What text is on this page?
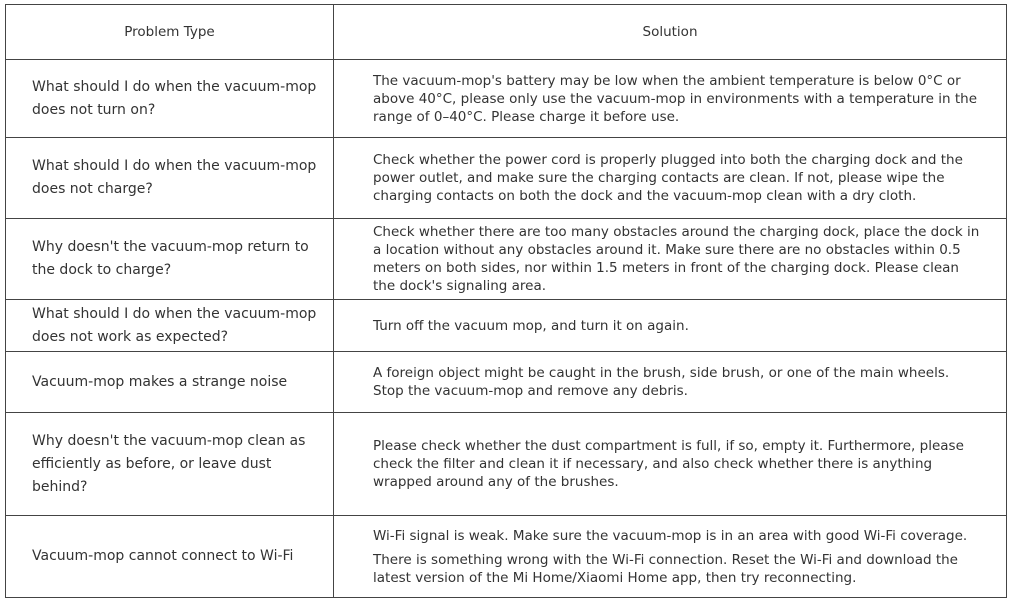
Problem Type	Solution
What should I do when the vacuum-mop does not turn on?	The vacuum-mop's battery may be low when the ambient temperature is below 0°C or above 40°C, please only use the vacuum-mop in environments with a temperature in the range of 0–40°C. Please charge it before use.

What should I do when the vacuum-mop does not charge?	Check whether the power cord is properly plugged into both the charging dock and the power outlet, and make sure the charging contacts are clean. If not, please wipe the charging contacts on both the dock and the vacuum-mop clean with a dry cloth.

Why doesn't the vacuum-mop return to the dock to charge?	Check whether there are too many obstacles around the charging dock, place the dock in a location without any obstacles around it. Make sure there are no obstacles within 0.5 meters on both sides, nor within 1.5 meters in front of the charging dock. Please clean the dock's signaling area.

What should I do when the vacuum-mop does not work as expected?	Turn off the vacuum mop, and turn it on again.

Vacuum-mop makes a strange noise	A foreign object might be caught in the brush, side brush, or one of the main wheels. Stop the vacuum-mop and remove any debris.

Why doesn't the vacuum-mop clean as efficiently as before, or leave dust behind?	Please check whether the dust compartment is full, if so, empty it. Furthermore, please check the filter and clean it if necessary, and also check whether there is anything wrapped around any of the brushes.

Vacuum-mop cannot connect to Wi-Fi	Wi-Fi signal is weak. Make sure the vacuum-mop is in an area with good Wi-Fi coverage.
There is something wrong with the Wi-Fi connection. Reset the Wi-Fi and download the latest version of the Mi Home/Xiaomi Home app, then try reconnecting.
